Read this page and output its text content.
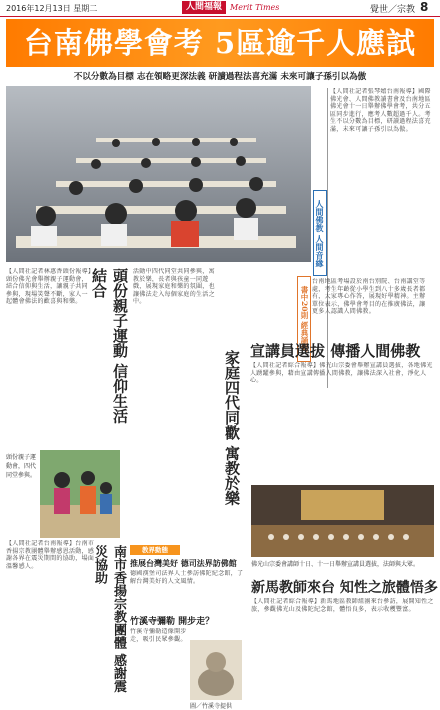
2016年12月13日 星期二	人間福報	Merit Times	覺世／宗教 8
台南佛學會考 5區逾千人應試
不以分數為目標 志在領略更深法義 研讀過程法喜充滿 未來可讓子孫引以為傲
【人間社記者張琴嬉台南報導】國際佛光會、人間佛教讀書會及台南地區佛光會十一日舉辦佛學會考，共分五區同步進行，應考人數超過千人。考生不以分數為目標，研讀過程法喜充滿，未來可讓子孫引以為傲。
人間佛教 人間音緣
書中20則 經典誦偈
台南地區考場設於南台別院、台南講堂等處，考生年齡從小學生到八十多歲長者都有，大家專心作答，展現好學精神。主辦單位表示，佛學會考目的在推廣佛法，讓更多人認識人間佛教。
【人間社記者林惠香頭份報導】頭份佛光會舉辦親子運動會，結合信仰與生活，讓親子共同參與，現場笑聲不斷，家人一起體會佛法的歡喜與和樂。	頭份親子運動 信仰生活結合	活動中四代同堂共同參與，寓教於樂，長者與孩童一同遊戲，展現家庭和樂的氛圍，也讓佛法走入每個家庭的生活之中。
家庭四代同歡 寓教於樂 宣講員選拔 傳播人間佛教
【人間社記者綜合報導】佛光山宗委會舉辦宣講員選拔，各地佛光人踴躍參與，藉由宣講傳播人間佛教，讓佛法深入社會，淨化人心。
頭份親子運動會，四代同堂參與。
佛光山宗委會講師十日、十一日舉辦宣講員選拔，法師與大眾。
新馬教師來台 知性之旅體悟多
【人間社記者綜合報導】新馬地區教師組團來台參訪，展開知性之旅，參觀佛光山及佛陀紀念館，體悟良多，表示收穫豐富。
南市香揚宗教團體 感謝震災協助
【人間社記者台南報導】台南市香揚宗教團體舉辦感恩活動，感謝各界在震災期間的協助，場面溫馨感人。
教界動態
推展台灣美好 德司法界訪佛館
德國漢堡司法界人士參訪佛陀紀念館，了解台灣美好的人文風情。
竹溪寺彌勒 開步走？
竹溪寺彌勒造像開步走，吸引民眾參觀。
圖／竹溪寺提供
